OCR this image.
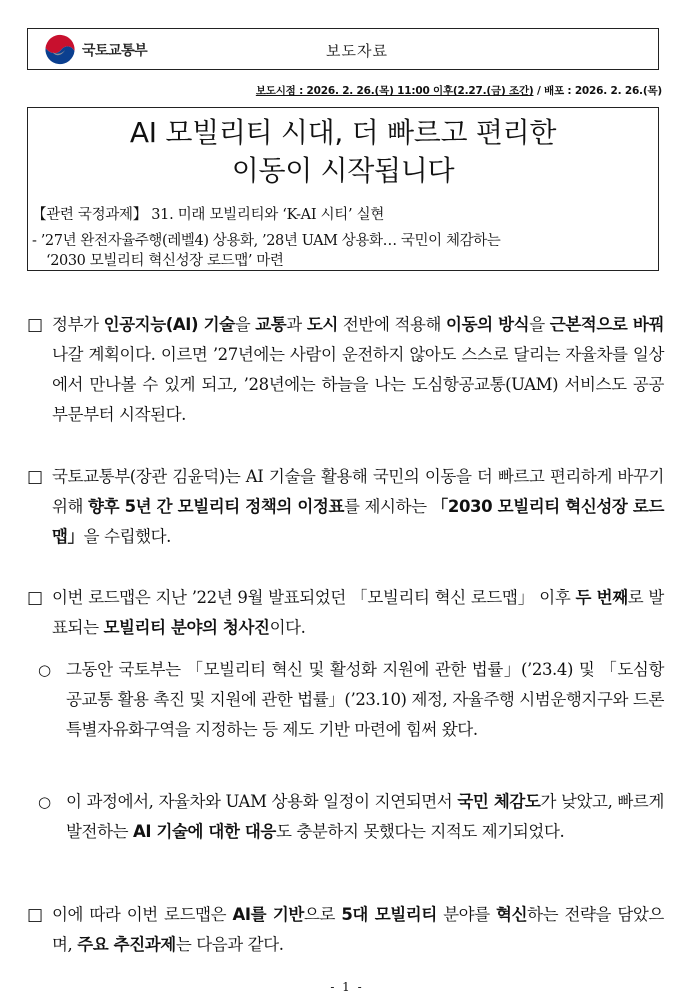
국토교통부	보도자료
보도시점 : 2026. 2. 26.(목) 11:00 이후(2.27.(금) 조간) / 배포 : 2026. 2. 26.(목)
AI 모빌리티 시대, 더 빠르고 편리한
이동이 시작됩니다
【관련 국정과제】 31. 미래 모빌리티와 ‘K-AI 시티’ 실현
- ’27년 완전자율주행(레벨4) 상용화, ’28년 UAM 상용화… 국민이 체감하는
‘2030 모빌리티 혁신성장 로드맵’ 마련
□ 정부가 인공지능(AI) 기술을 교통과 도시 전반에 적용해 이동의 방식을 근본적으로 바꿔나갈 계획이다. 이르면 ’27년에는 사람이 운전하지 않아도 스스로 달리는 자율차를 일상에서 만나볼 수 있게 되고, ’28년에는 하늘을 나는 도심항공교통(UAM) 서비스도 공공 부문부터 시작된다.
□ 국토교통부(장관 김윤덕)는 AI 기술을 활용해 국민의 이동을 더 빠르고 편리하게 바꾸기 위해 향후 5년 간 모빌리티 정책의 이정표를 제시하는 「2030 모빌리티 혁신성장 로드맵」을 수립했다.
□ 이번 로드맵은 지난 ’22년 9월 발표되었던 「모빌리티 혁신 로드맵」 이후 두 번째로 발표되는 모빌리티 분야의 청사진이다.
○ 그동안 국토부는 「모빌리티 혁신 및 활성화 지원에 관한 법률」(’23.4) 및 「도심항공교통 활용 촉진 및 지원에 관한 법률」(’23.10) 제정, 자율주행 시범운행지구와 드론특별자유화구역을 지정하는 등 제도 기반 마련에 힘써 왔다.
○ 이 과정에서, 자율차와 UAM 상용화 일정이 지연되면서 국민 체감도가 낮았고, 빠르게 발전하는 AI 기술에 대한 대응도 충분하지 못했다는 지적도 제기되었다.
□ 이에 따라 이번 로드맵은 AI를 기반으로 5대 모빌리티 분야를 혁신하는 전략을 담았으며, 주요 추진과제는 다음과 같다.
- 1 -
